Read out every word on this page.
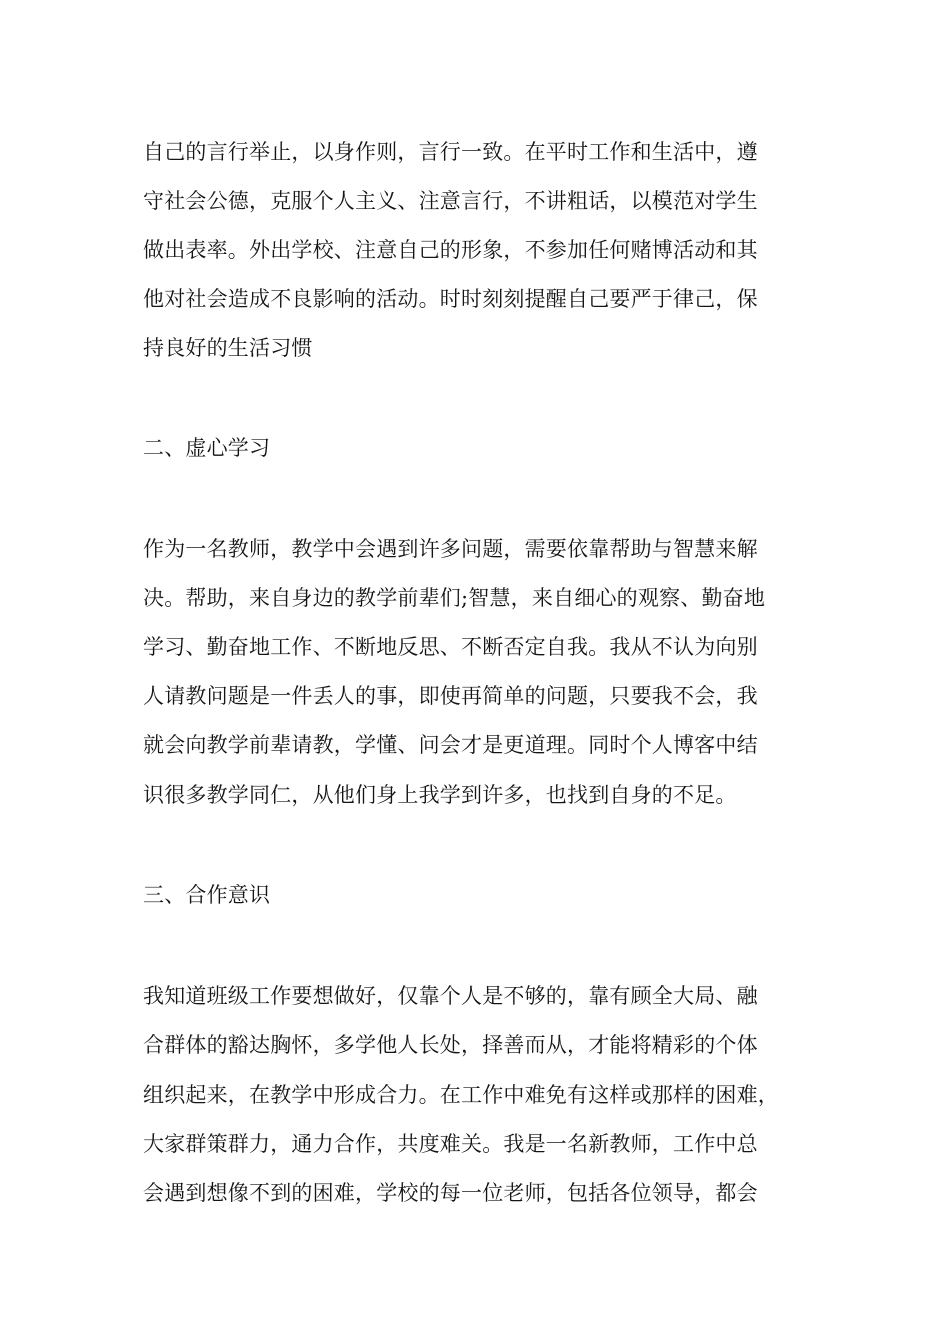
自己的言行举止，以身作则，言行一致。在平时工作和生活中，遵
守社会公德，克服个人主义、注意言行，不讲粗话，以模范对学生
做出表率。外出学校、注意自己的形象，不参加任何赌博活动和其
他对社会造成不良影响的活动。时时刻刻提醒自己要严于律己，保
持良好的生活习惯
二、虚心学习
作为一名教师，教学中会遇到许多问题，需要依靠帮助与智慧来解
决。帮助，来自身边的教学前辈们;智慧，来自细心的观察、勤奋地
学习、勤奋地工作、不断地反思、不断否定自我。我从不认为向别
人请教问题是一件丢人的事，即使再简单的问题，只要我不会，我
就会向教学前辈请教，学懂、问会才是更道理。同时个人博客中结
识很多教学同仁，从他们身上我学到许多，也找到自身的不足。
三、合作意识
我知道班级工作要想做好，仅靠个人是不够的，靠有顾全大局、融
合群体的豁达胸怀，多学他人长处，择善而从，才能将精彩的个体
组织起来，在教学中形成合力。在工作中难免有这样或那样的困难，
大家群策群力，通力合作，共度难关。我是一名新教师，工作中总
会遇到想像不到的困难，学校的每一位老师，包括各位领导，都会
